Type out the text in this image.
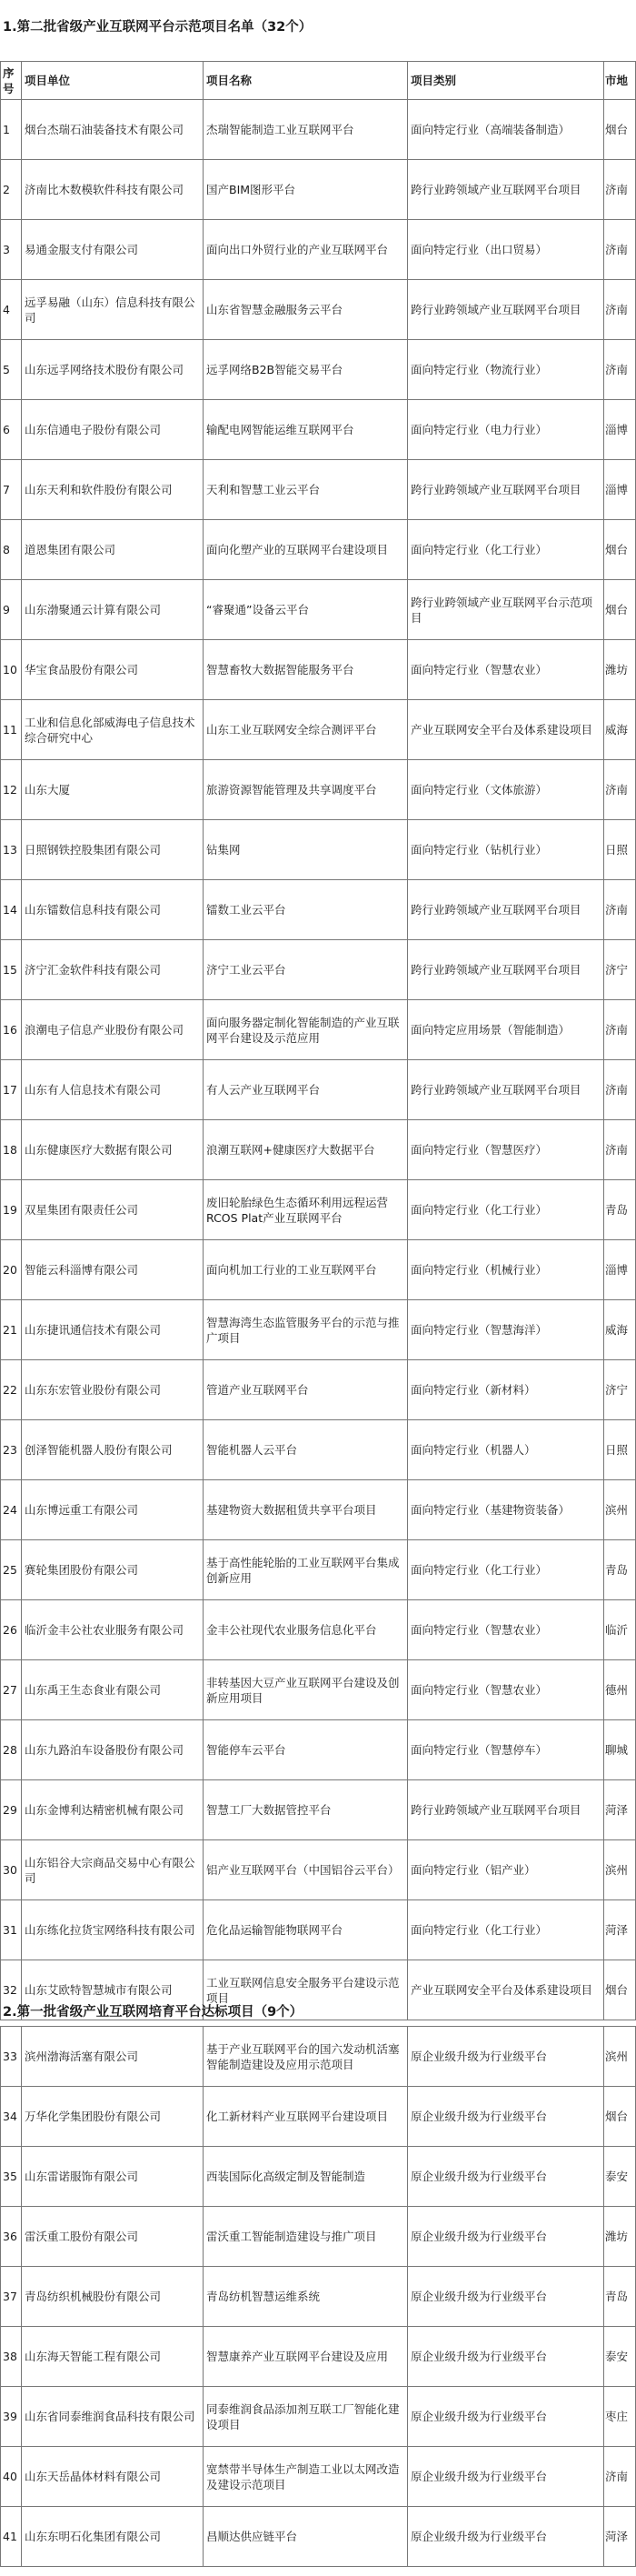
1.第二批省级产业互联网平台示范项目名单（32个）
序号	项目单位	项目名称	项目类别	市地
1	烟台杰瑞石油装备技术有限公司	杰瑞智能制造工业互联网平台	面向特定行业（高端装备制造）	烟台
2	济南比木数模软件科技有限公司	国产BIM图形平台	跨行业跨领域产业互联网平台项目	济南
3	易通金服支付有限公司	面向出口外贸行业的产业互联网平台	面向特定行业（出口贸易）	济南
4	远孚易融（山东）信息科技有限公司	山东省智慧金融服务云平台	跨行业跨领域产业互联网平台项目	济南
5	山东远孚网络技术股份有限公司	远孚网络B2B智能交易平台	面向特定行业（物流行业）	济南
6	山东信通电子股份有限公司	输配电网智能运维互联网平台	面向特定行业（电力行业）	淄博
7	山东天利和软件股份有限公司	天利和智慧工业云平台	跨行业跨领域产业互联网平台项目	淄博
8	道恩集团有限公司	面向化塑产业的互联网平台建设项目	面向特定行业（化工行业）	烟台
9	山东渤聚通云计算有限公司	“睿聚通”设备云平台	跨行业跨领域产业互联网平台示范项目	烟台
10	华宝食品股份有限公司	智慧畜牧大数据智能服务平台	面向特定行业（智慧农业）	潍坊
11	工业和信息化部威海电子信息技术综合研究中心	山东工业互联网安全综合测评平台	产业互联网安全平台及体系建设项目	威海
12	山东大厦	旅游资源智能管理及共享调度平台	面向特定行业（文体旅游）	济南
13	日照钢铁控股集团有限公司	钻集网	面向特定行业（钻机行业）	日照
14	山东镭数信息科技有限公司	镭数工业云平台	跨行业跨领域产业互联网平台项目	济南
15	济宁汇金软件科技有限公司	济宁工业云平台	跨行业跨领域产业互联网平台项目	济宁
16	浪潮电子信息产业股份有限公司	面向服务器定制化智能制造的产业互联网平台建设及示范应用	面向特定应用场景（智能制造）	济南
17	山东有人信息技术有限公司	有人云产业互联网平台	跨行业跨领域产业互联网平台项目	济南
18	山东健康医疗大数据有限公司	浪潮互联网+健康医疗大数据平台	面向特定行业（智慧医疗）	济南
19	双星集团有限责任公司	废旧轮胎绿色生态循环利用远程运营RCOS Plat产业互联网平台	面向特定行业（化工行业）	青岛
20	智能云科淄博有限公司	面向机加工行业的工业互联网平台	面向特定行业（机械行业）	淄博
21	山东捷讯通信技术有限公司	智慧海湾生态监管服务平台的示范与推广项目	面向特定行业（智慧海洋）	威海
22	山东东宏管业股份有限公司	管道产业互联网平台	面向特定行业（新材料）	济宁
23	创泽智能机器人股份有限公司	智能机器人云平台	面向特定行业（机器人）	日照
24	山东博远重工有限公司	基建物资大数据租赁共享平台项目	面向特定行业（基建物资装备）	滨州
25	赛轮集团股份有限公司	基于高性能轮胎的工业互联网平台集成创新应用	面向特定行业（化工行业）	青岛
26	临沂金丰公社农业服务有限公司	金丰公社现代农业服务信息化平台	面向特定行业（智慧农业）	临沂
27	山东禹王生态食业有限公司	非转基因大豆产业互联网平台建设及创新应用项目	面向特定行业（智慧农业）	德州
28	山东九路泊车设备股份有限公司	智能停车云平台	面向特定行业（智慧停车）	聊城
29	山东金博利达精密机械有限公司	智慧工厂大数据管控平台	跨行业跨领域产业互联网平台项目	菏泽
30	山东铝谷大宗商品交易中心有限公司	铝产业互联网平台（中国铝谷云平台）	面向特定行业（铝产业）	滨州
31	山东练化拉货宝网络科技有限公司	危化品运输智能物联网平台	面向特定行业（化工行业）	菏泽
32	山东艾欧特智慧城市有限公司	工业互联网信息安全服务平台建设示范项目	产业互联网安全平台及体系建设项目	烟台
2.第一批省级产业互联网培育平台达标项目（9个）
33	滨州渤海活塞有限公司	基于产业互联网平台的国六发动机活塞智能制造建设及应用示范项目	原企业级升级为行业级平台	滨州
34	万华化学集团股份有限公司	化工新材料产业互联网平台建设项目	原企业级升级为行业级平台	烟台
35	山东雷诺服饰有限公司	西装国际化高级定制及智能制造	原企业级升级为行业级平台	泰安
36	雷沃重工股份有限公司	雷沃重工智能制造建设与推广项目	原企业级升级为行业级平台	潍坊
37	青岛纺织机械股份有限公司	青岛纺机智慧运维系统	原企业级升级为行业级平台	青岛
38	山东海天智能工程有限公司	智慧康养产业互联网平台建设及应用	原企业级升级为行业级平台	泰安
39	山东省同泰维润食品科技有限公司	同泰维润食品添加剂互联工厂智能化建设项目	原企业级升级为行业级平台	枣庄
40	山东天岳晶体材料有限公司	宽禁带半导体生产制造工业以太网改造及建设示范项目	原企业级升级为行业级平台	济南
41	山东东明石化集团有限公司	昌顺达供应链平台	原企业级升级为行业级平台	菏泽
